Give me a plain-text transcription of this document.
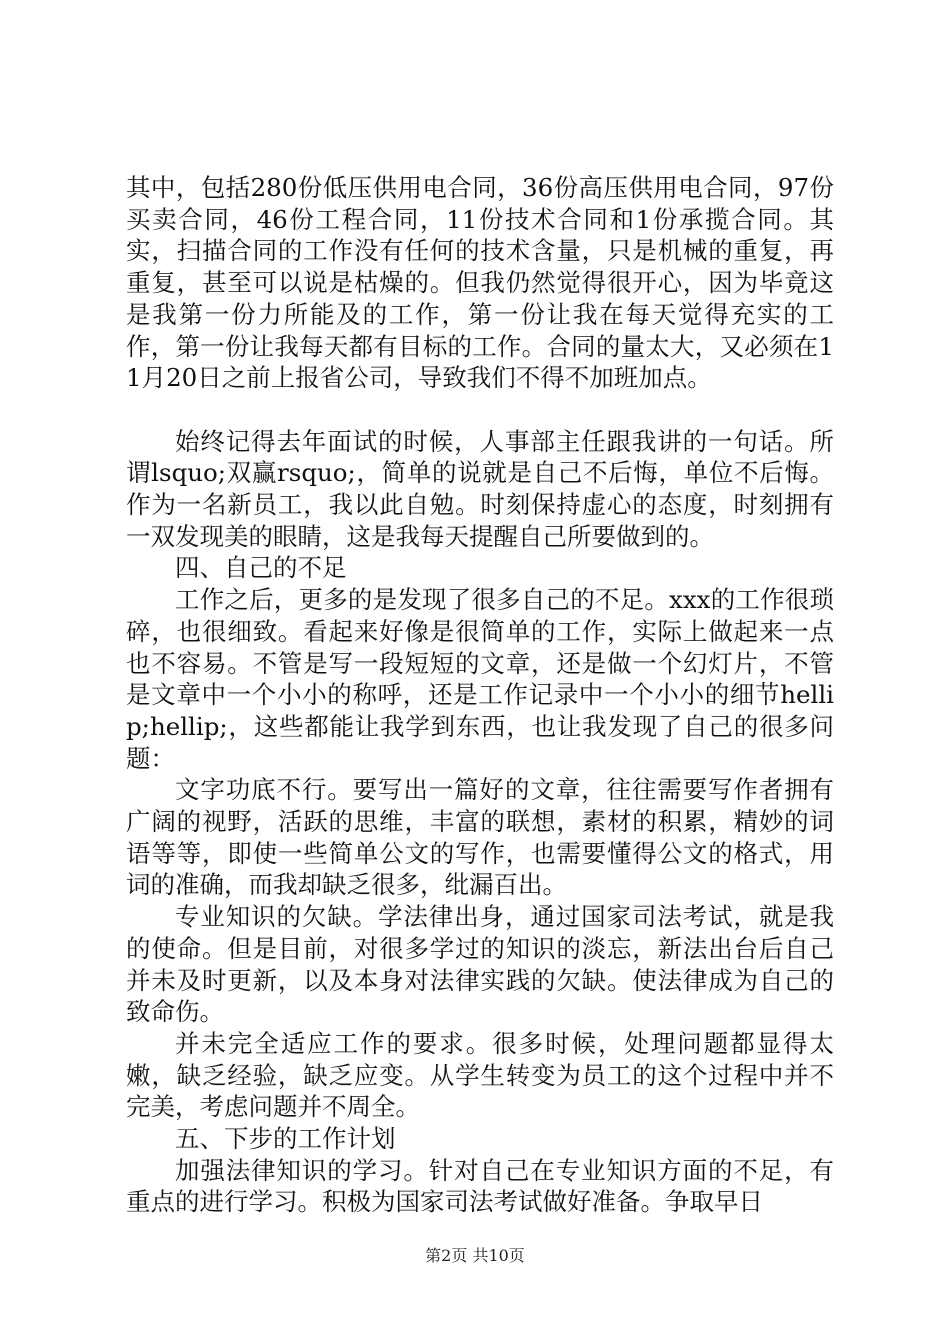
其中，包括280份低压供用电合同，36份高压供用电合同，97份买卖合同，46份工程合同，11份技术合同和1份承揽合同。其实，扫描合同的工作没有任何的技术含量，只是机械的重复，再重复，甚至可以说是枯燥的。但我仍然觉得很开心，因为毕竟这是我第一份力所能及的工作，第一份让我在每天觉得充实的工作，第一份让我每天都有目标的工作。合同的量太大，又必须在11月20日之前上报省公司，导致我们不得不加班加点。

始终记得去年面试的时候，人事部主任跟我讲的一句话。所谓lsquo;双赢rsquo;，简单的说就是自己不后悔，单位不后悔。作为一名新员工，我以此自勉。时刻保持虚心的态度，时刻拥有一双发现美的眼睛，这是我每天提醒自己所要做到的。

四、自己的不足

工作之后，更多的是发现了很多自己的不足。xxx的工作很琐碎，也很细致。看起来好像是很简单的工作，实际上做起来一点也不容易。不管是写一段短短的文章，还是做一个幻灯片，不管是文章中一个小小的称呼，还是工作记录中一个小小的细节hellip;hellip;，这些都能让我学到东西，也让我发现了自己的很多问题：

文字功底不行。要写出一篇好的文章，往往需要写作者拥有广阔的视野，活跃的思维，丰富的联想，素材的积累，精妙的词语等等，即使一些简单公文的写作，也需要懂得公文的格式，用词的准确，而我却缺乏很多，纰漏百出。

专业知识的欠缺。学法律出身，通过国家司法考试，就是我的使命。但是目前，对很多学过的知识的淡忘，新法出台后自己并未及时更新，以及本身对法律实践的欠缺。使法律成为自己的致命伤。

并未完全适应工作的要求。很多时候，处理问题都显得太嫩，缺乏经验，缺乏应变。从学生转变为员工的这个过程中并不完美，考虑问题并不周全。

五、下步的工作计划

加强法律知识的学习。针对自己在专业知识方面的不足，有重点的进行学习。积极为国家司法考试做好准备。争取早日

第2页 共10页
